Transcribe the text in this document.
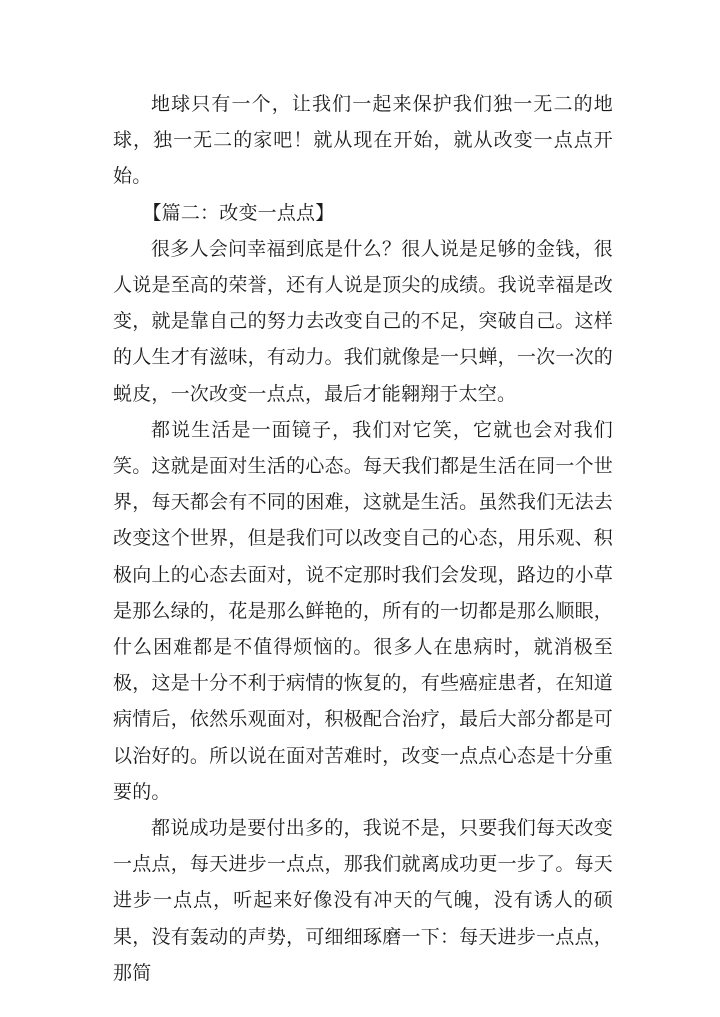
地球只有一个，让我们一起来保护我们独一无二的地球，独一无二的家吧！就从现在开始，就从改变一点点开始。

【篇二：改变一点点】

很多人会问幸福到底是什么？很人说是足够的金钱，很人说是至高的荣誉，还有人说是顶尖的成绩。我说幸福是改变，就是靠自己的努力去改变自己的不足，突破自己。这样的人生才有滋味，有动力。我们就像是一只蝉，一次一次的蜕皮，一次改变一点点，最后才能翱翔于太空。

都说生活是一面镜子，我们对它笑，它就也会对我们笑。这就是面对生活的心态。每天我们都是生活在同一个世界，每天都会有不同的困难，这就是生活。虽然我们无法去改变这个世界，但是我们可以改变自己的心态，用乐观、积极向上的心态去面对，说不定那时我们会发现，路边的小草是那么绿的，花是那么鲜艳的，所有的一切都是那么顺眼，什么困难都是不值得烦恼的。很多人在患病时，就消极至极，这是十分不利于病情的恢复的，有些癌症患者，在知道病情后，依然乐观面对，积极配合治疗，最后大部分都是可以治好的。所以说在面对苦难时，改变一点点心态是十分重要的。

都说成功是要付出多的，我说不是，只要我们每天改变一点点，每天进步一点点，那我们就离成功更一步了。每天进步一点点，听起来好像没有冲天的气魄，没有诱人的硕果，没有轰动的声势，可细细琢磨一下：每天进步一点点，那简
